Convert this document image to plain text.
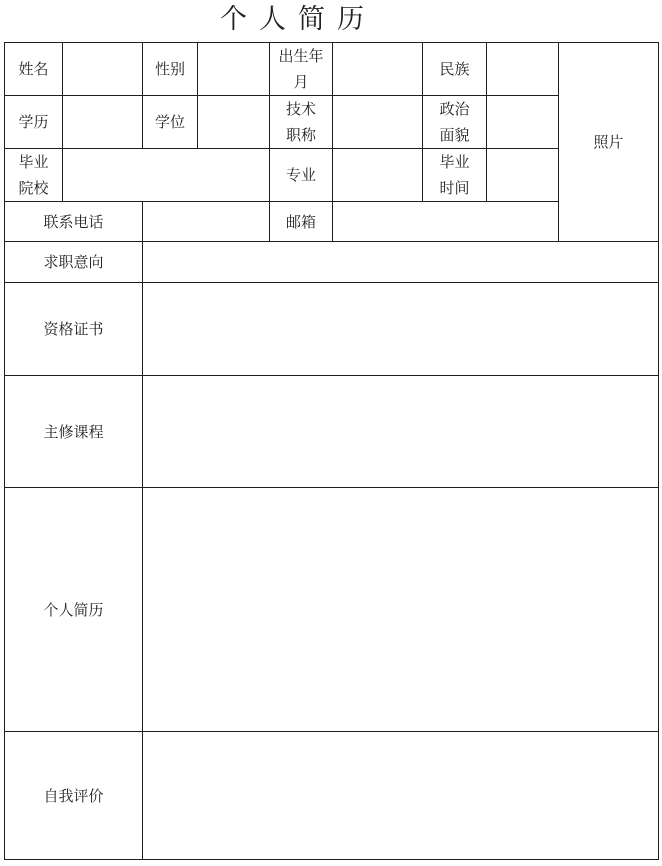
个人简历
姓名		性别		出生年月		民族		照片
学历		学位		技术职称		政治面貌		
毕业院校				专业		毕业时间		
联系电话				邮箱				
求职意向								
资格证书								
主修课程								
个人简历								
自我评价								
